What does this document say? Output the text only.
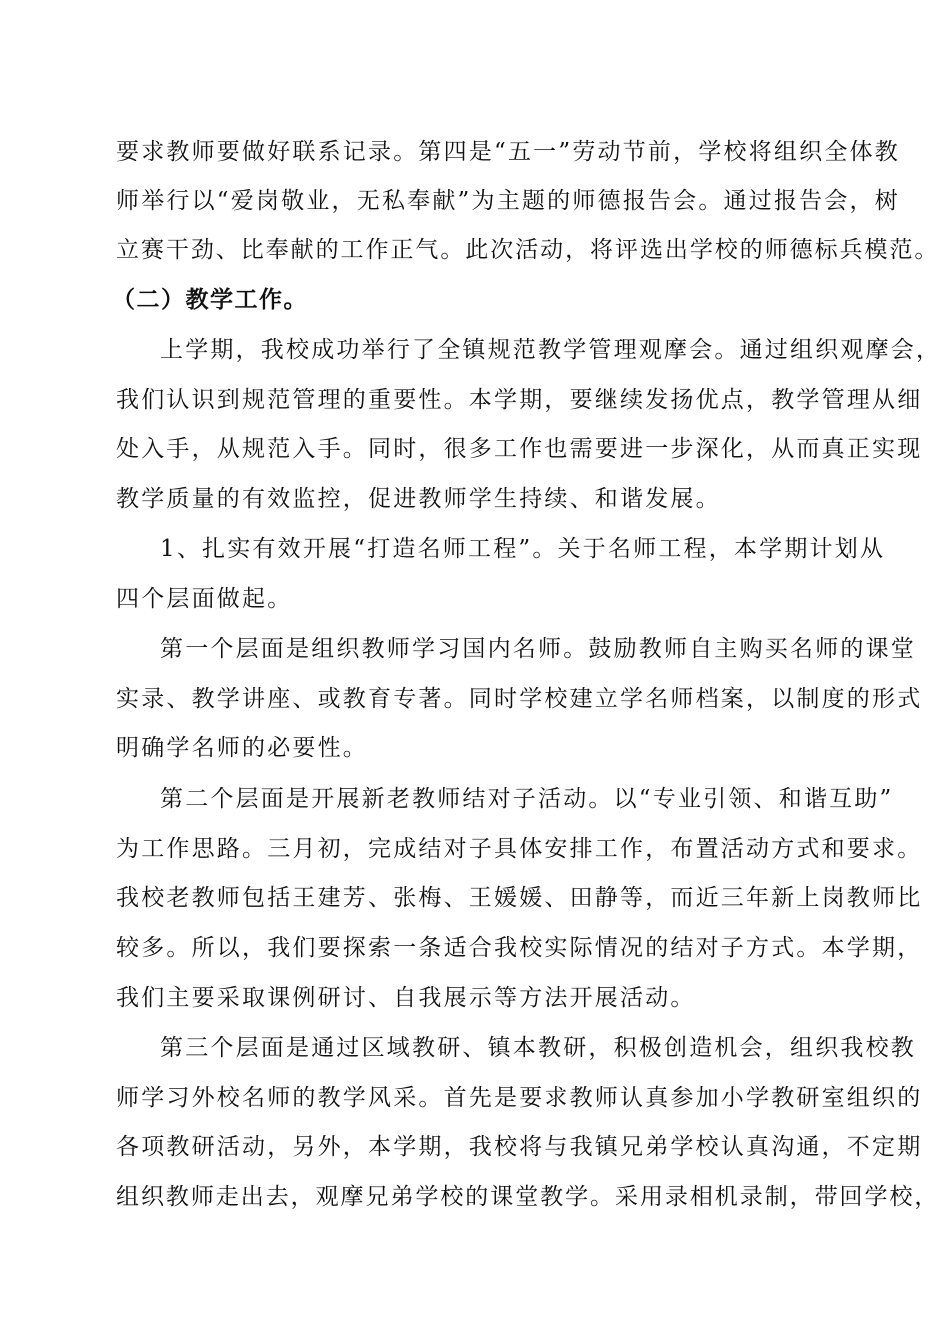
要求教师要做好联系记录。第四是“五一”劳动节前，学校将组织全体教
师举行以“爱岗敬业，无私奉献”为主题的师德报告会。通过报告会，树
立赛干劲、比奉献的工作正气。此次活动，将评选出学校的师德标兵模范。
（二）教学工作。
上学期，我校成功举行了全镇规范教学管理观摩会。通过组织观摩会，
我们认识到规范管理的重要性。本学期，要继续发扬优点，教学管理从细
处入手，从规范入手。同时，很多工作也需要进一步深化，从而真正实现
教学质量的有效监控，促进教师学生持续、和谐发展。
1、扎实有效开展“打造名师工程”。关于名师工程，本学期计划从
四个层面做起。
第一个层面是组织教师学习国内名师。鼓励教师自主购买名师的课堂
实录、教学讲座、或教育专著。同时学校建立学名师档案，以制度的形式
明确学名师的必要性。
第二个层面是开展新老教师结对子活动。以“专业引领、和谐互助”
为工作思路。三月初，完成结对子具体安排工作，布置活动方式和要求。
我校老教师包括王建芳、张梅、王媛媛、田静等，而近三年新上岗教师比
较多。所以，我们要探索一条适合我校实际情况的结对子方式。本学期，
我们主要采取课例研讨、自我展示等方法开展活动。
第三个层面是通过区域教研、镇本教研，积极创造机会，组织我校教
师学习外校名师的教学风采。首先是要求教师认真参加小学教研室组织的
各项教研活动，另外，本学期，我校将与我镇兄弟学校认真沟通，不定期
组织教师走出去，观摩兄弟学校的课堂教学。采用录相机录制，带回学校，
